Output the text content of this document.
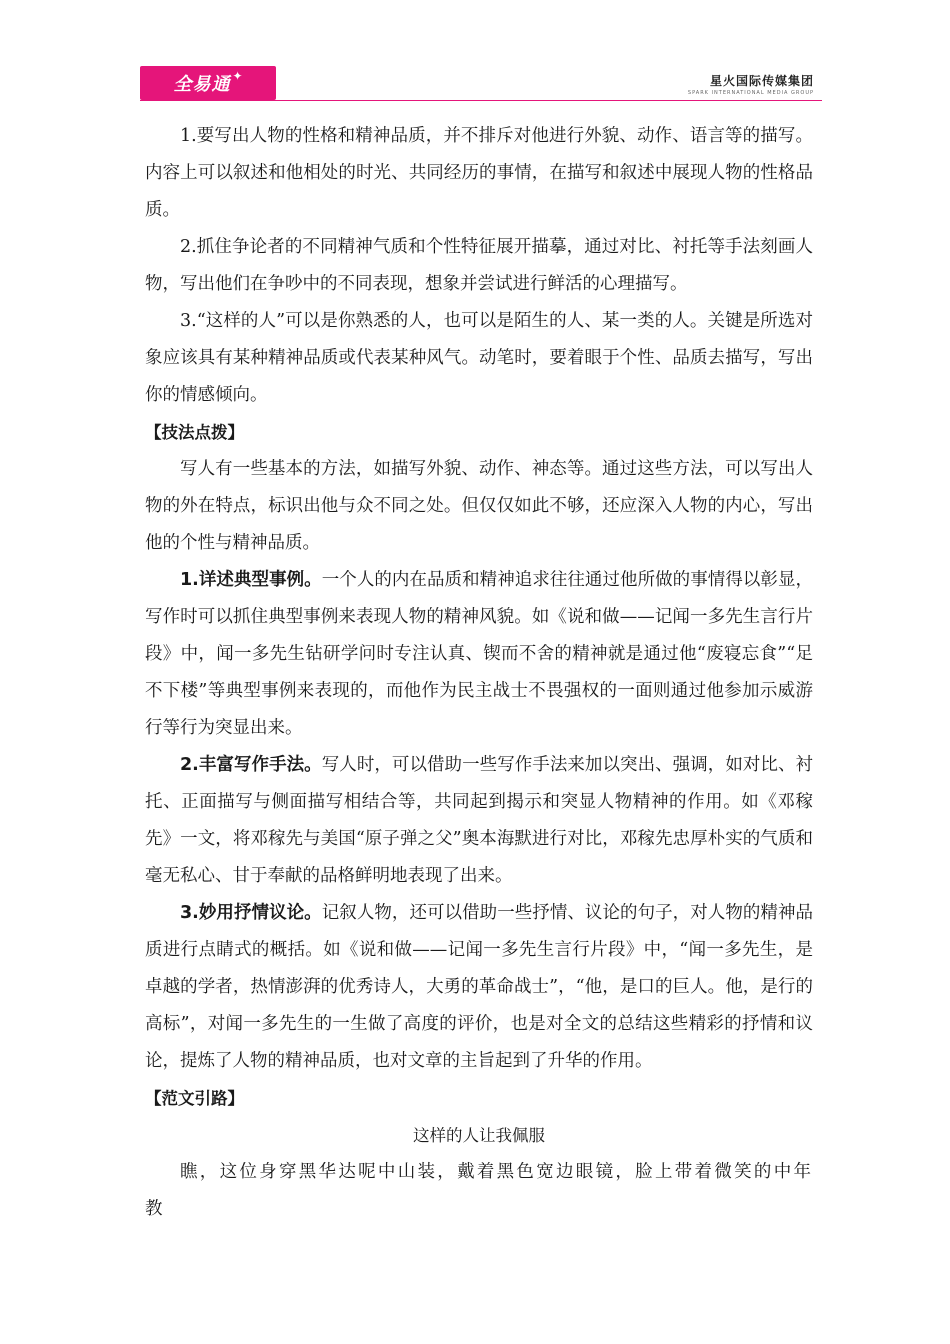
全易通 ✦	星火国际传媒集团
SPARK INTERNATIONAL MEDIA GROUP

1.要写出人物的性格和精神品质，并不排斥对他进行外貌、动作、语言等的描写。内容上可以叙述和他相处的时光、共同经历的事情，在描写和叙述中展现人物的性格品质。

2.抓住争论者的不同精神气质和个性特征展开描摹，通过对比、衬托等手法刻画人物，写出他们在争吵中的不同表现，想象并尝试进行鲜活的心理描写。

3.“这样的人”可以是你熟悉的人，也可以是陌生的人、某一类的人。关键是所选对象应该具有某种精神品质或代表某种风气。动笔时，要着眼于个性、品质去描写，写出你的情感倾向。

【技法点拨】

写人有一些基本的方法，如描写外貌、动作、神态等。通过这些方法，可以写出人物的外在特点，标识出他与众不同之处。但仅仅如此不够，还应深入人物的内心，写出他的个性与精神品质。

1.详述典型事例。一个人的内在品质和精神追求往往通过他所做的事情得以彰显，写作时可以抓住典型事例来表现人物的精神风貌。如《说和做——记闻一多先生言行片段》中，闻一多先生钻研学问时专注认真、锲而不舍的精神就是通过他“废寝忘食”“足不下楼”等典型事例来表现的，而他作为民主战士不畏强权的一面则通过他参加示威游行等行为突显出来。

2.丰富写作手法。写人时，可以借助一些写作手法来加以突出、强调，如对比、衬托、正面描写与侧面描写相结合等，共同起到揭示和突显人物精神的作用。如《邓稼先》一文，将邓稼先与美国“原子弹之父”奥本海默进行对比，邓稼先忠厚朴实的气质和毫无私心、甘于奉献的品格鲜明地表现了出来。

3.妙用抒情议论。记叙人物，还可以借助一些抒情、议论的句子，对人物的精神品质进行点睛式的概括。如《说和做——记闻一多先生言行片段》中，“闻一多先生，是卓越的学者，热情澎湃的优秀诗人，大勇的革命战士”，“他，是口的巨人。他，是行的高标”，对闻一多先生的一生做了高度的评价，也是对全文的总结这些精彩的抒情和议论，提炼了人物的精神品质，也对文章的主旨起到了升华的作用。

【范文引路】

这样的人让我佩服

瞧，这位身穿黑华达呢中山装，戴着黑色宽边眼镜，脸上带着微笑的中年教
